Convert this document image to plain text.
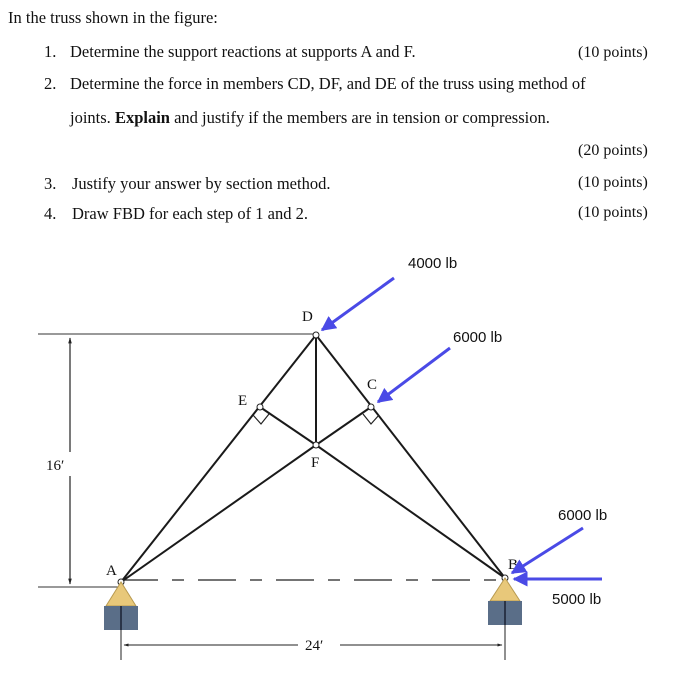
In the truss shown in the figure:
1. Determine the support reactions at supports A and F.	(10 points)
2. Determine the force in members CD, DF, and DE of the truss using method of
joints. Explain and justify if the members are in tension or compression.
(20 points)
3. Justify your answer by section method.	(10 points)
4. Draw FBD for each step of 1 and 2.	(10 points)
16′
24′
D
E
C
F
A	B
4000 lb
6000 lb
6000 lb
5000 lb
